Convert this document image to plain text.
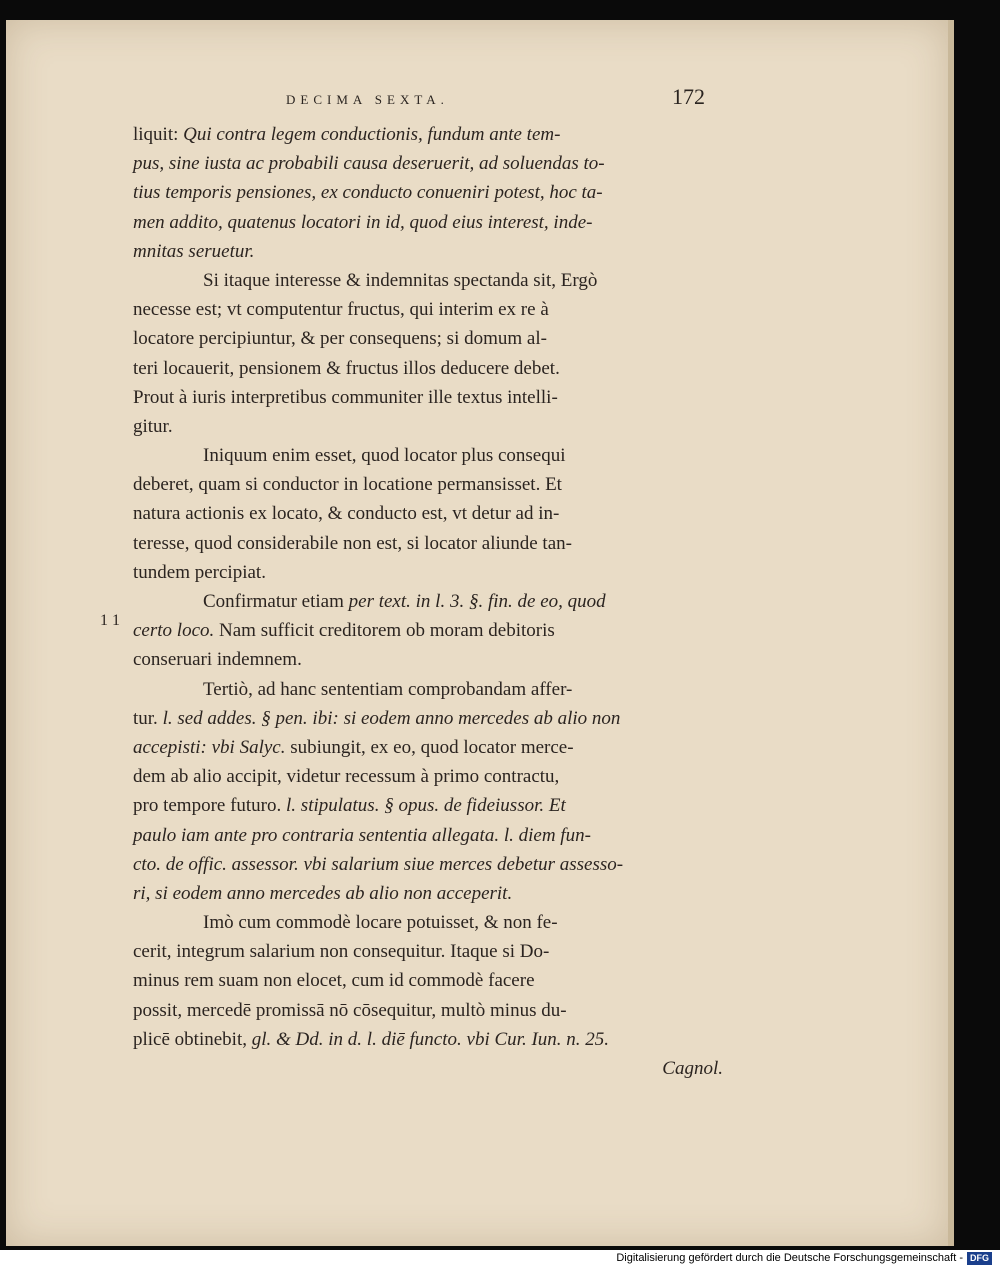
DECIMA SEXTA.	172
1 1
liquit: Qui contra legem conductionis, fundum ante tem-
pus, sine iusta ac probabili causa deseruerit, ad soluendas to-
tius temporis pensiones, ex conducto conueniri potest, hoc ta-
men addito, quatenus locatori in id, quod eius interest, inde-
mnitas seruetur.
Si itaque interesse & indemnitas spectanda sit, Ergò
necesse est; vt computentur fructus, qui interim ex re à
locatore percipiuntur, & per consequens; si domum al-
teri locauerit, pensionem & fructus illos deducere debet.
Prout à iuris interpretibus communiter ille textus intelli-
gitur.
Iniquum enim esset, quod locator plus consequi
deberet, quam si conductor in locatione permansisset. Et
natura actionis ex locato, & conducto est, vt detur ad in-
teresse, quod considerabile non est, si locator aliunde tan-
tundem percipiat.
Confirmatur etiam per text. in l. 3. §. fin. de eo, quod
certo loco. Nam sufficit creditorem ob moram debitoris
conseruari indemnem.
Tertiò, ad hanc sententiam comprobandam affer-
tur. l. sed addes. § pen. ibi: si eodem anno mercedes ab alio non
accepisti: vbi Salyc. subiungit, ex eo, quod locator merce-
dem ab alio accipit, videtur recessum à primo contractu,
pro tempore futuro. l. stipulatus. § opus. de fideiussor. Et
paulo iam ante pro contraria sententia allegata. l. diem fun-
cto. de offic. assessor. vbi salarium siue merces debetur assesso-
ri, si eodem anno mercedes ab alio non acceperit.
Imò cum commodè locare potuisset, & non fe-
cerit, integrum salarium non consequitur. Itaque si Do-
minus rem suam non elocet, cum id commodè facere
possit, mercedē promissā nō cōsequitur, multò minus du-
plicē obtinebit, gl. & Dd. in d. l. diē functo. vbi Cur. Iun. n. 25.
Cagnol.
Digitalisierung gefördert durch die Deutsche Forschungsgemeinschaft - DFG
